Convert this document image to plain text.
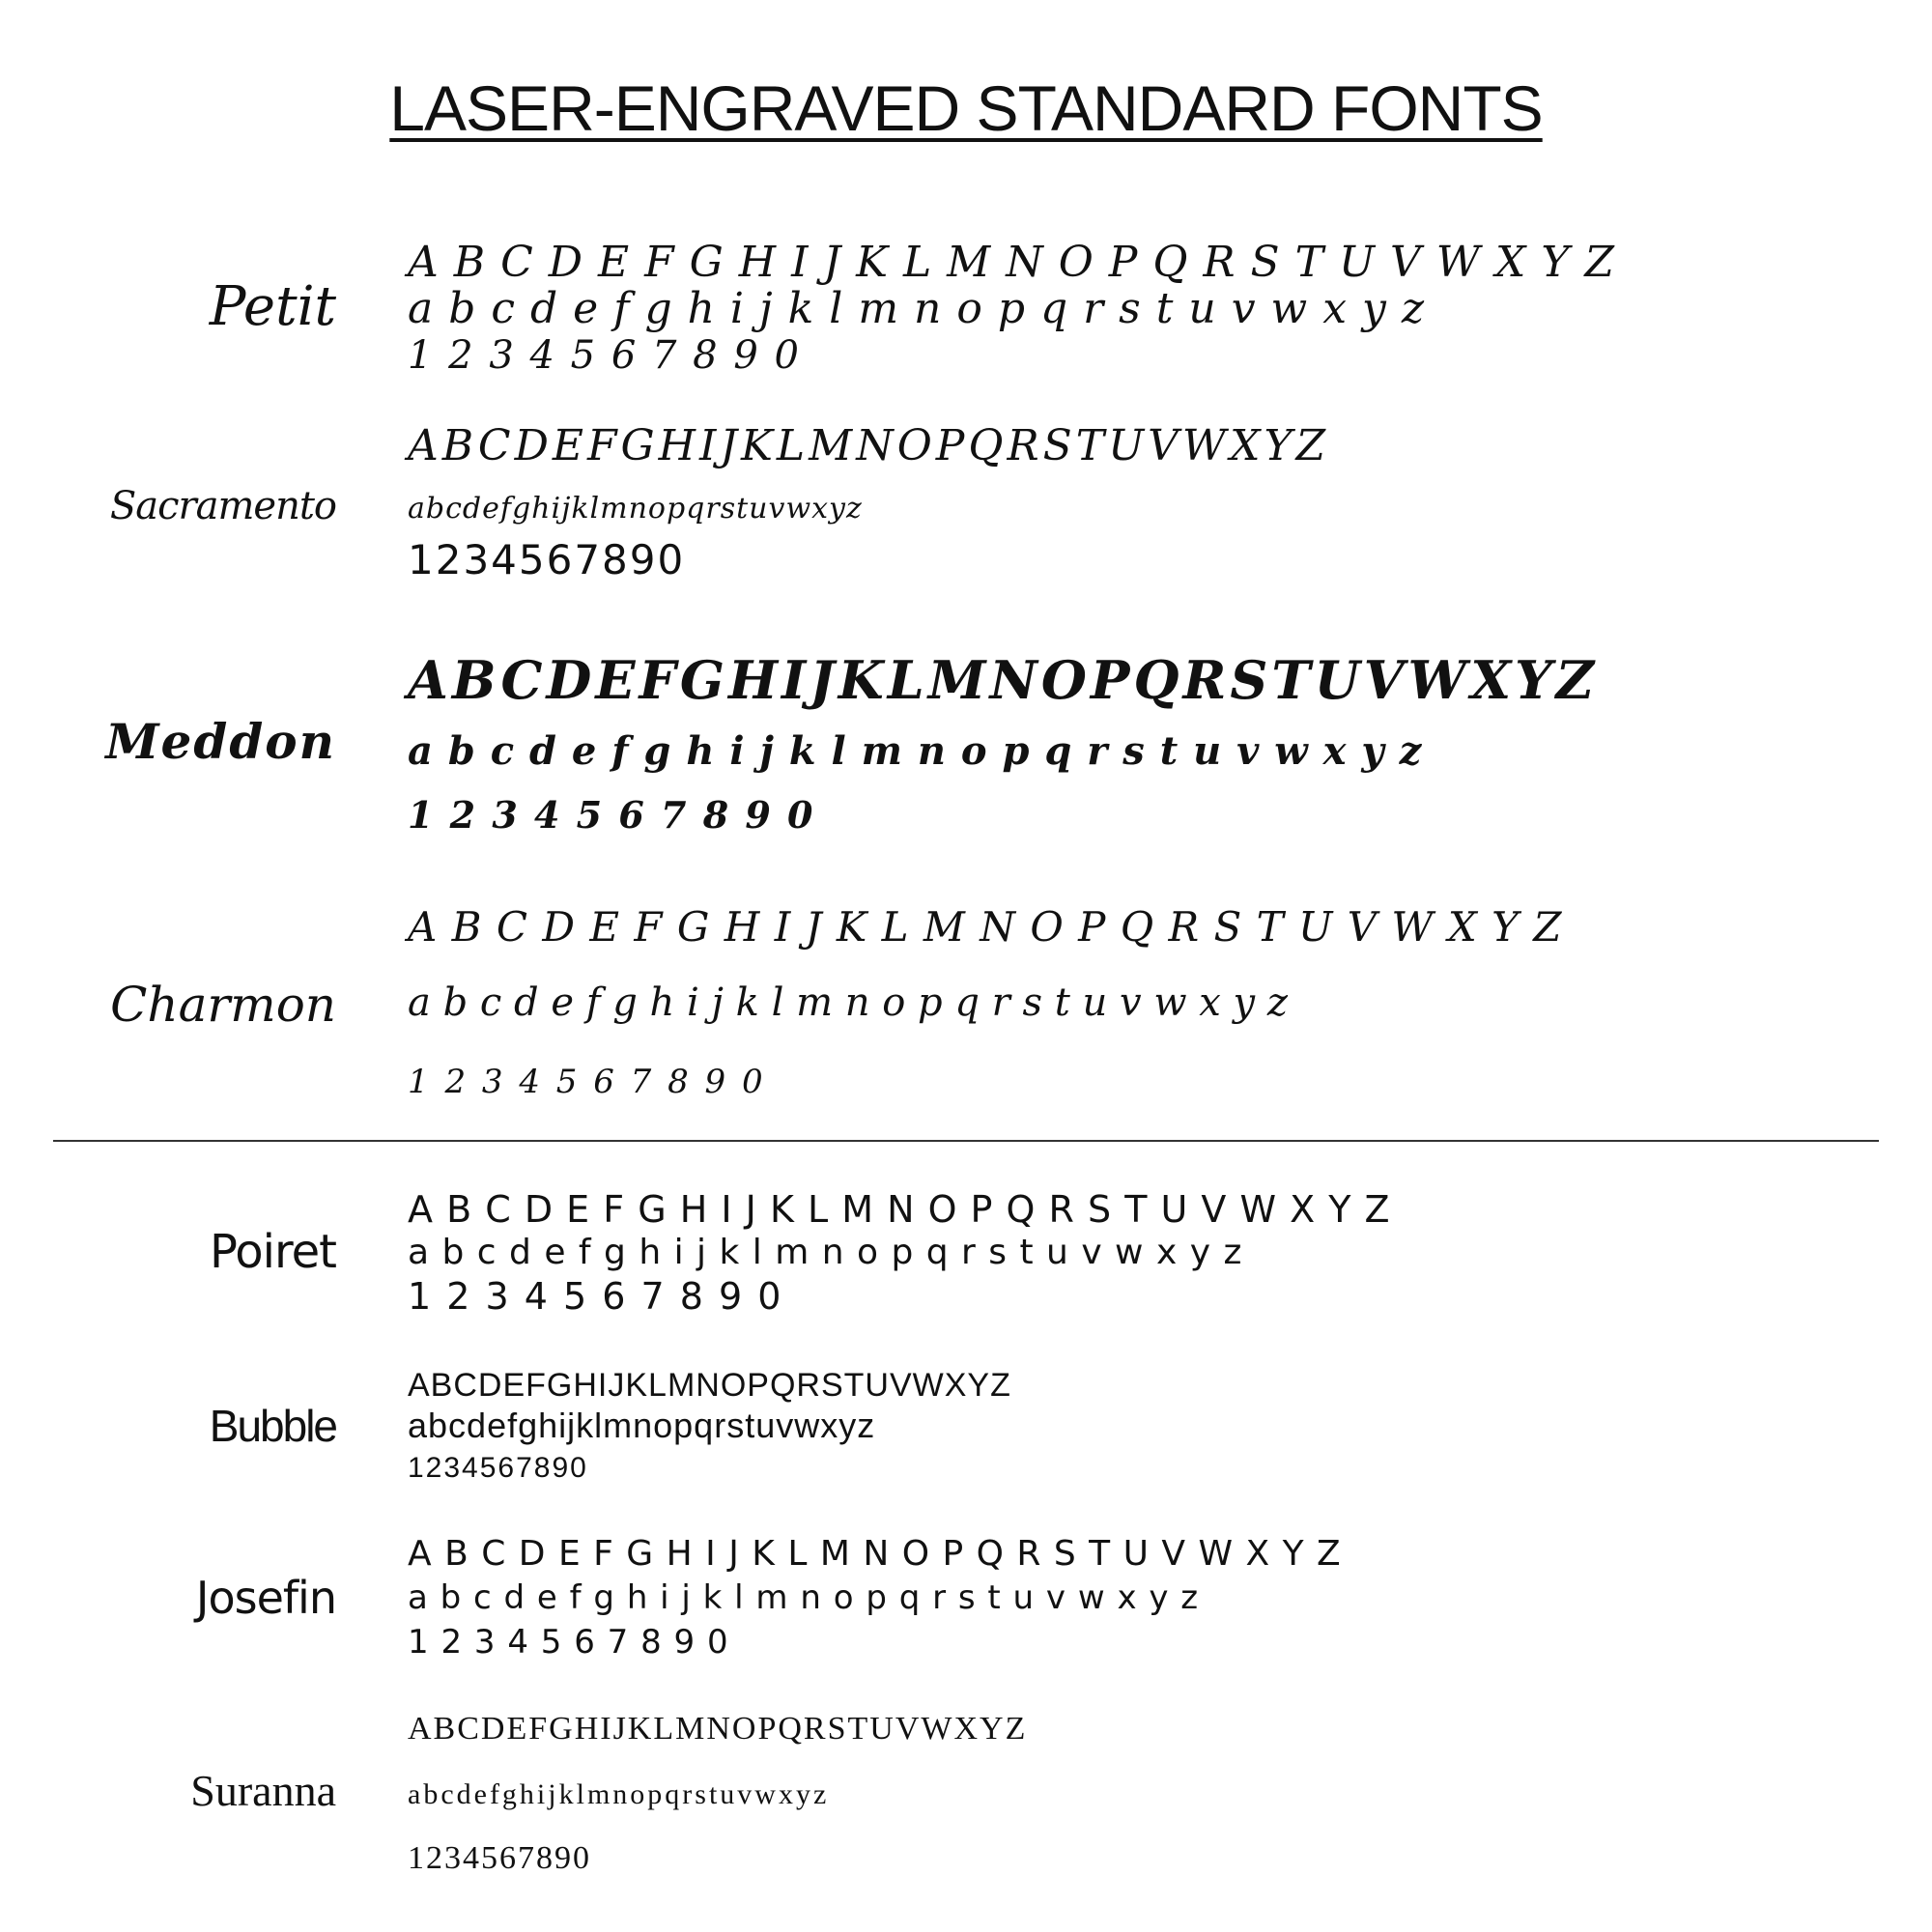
LASER-ENGRAVED STANDARD FONTS
Petit
A B C D E F G H I J K L M N O P Q R S T U V W X Y Z
a b c d e f g h i j k l m n o p q r s t u v w x y z
1 2 3 4 5 6 7 8 9 0
Sacramento
ABCDEFGHIJKLMNOPQRSTUVWXYZ
abcdefghijklmnopqrstuvwxyz
1234567890
Meddon
ABCDEFGHIJKLMNOPQRSTUVWXYZ
a b c d e f g h i j k l m n o p q r s t u v w x y z
1 2 3 4 5 6 7 8 9 0
Charmon
A B C D E F G H I J K L M N O P Q R S T U V W X Y Z
a b c d e f g h i j k l m n o p q r s t u v w x y z
1 2 3 4 5 6 7 8 9 0
Poiret
A B C D E F G H I J K L M N O P Q R S T U V W X Y Z
a b c d e f g h i j k l m n o p q r s t u v w x y z
1 2 3 4 5 6 7 8 9 0
Bubble
ABCDEFGHIJKLMNOPQRSTUVWXYZ
abcdefghijklmnopqrstuvwxyz
1234567890
Josefin
A B C D E F G H I J K L M N O P Q R S T U V W X Y Z
a b c d e f g h i j k l m n o p q r s t u v w x y z
1 2 3 4 5 6 7 8 9 0
Suranna
ABCDEFGHIJKLMNOPQRSTUVWXYZ
abcdefghijklmnopqrstuvwxyz
1234567890
